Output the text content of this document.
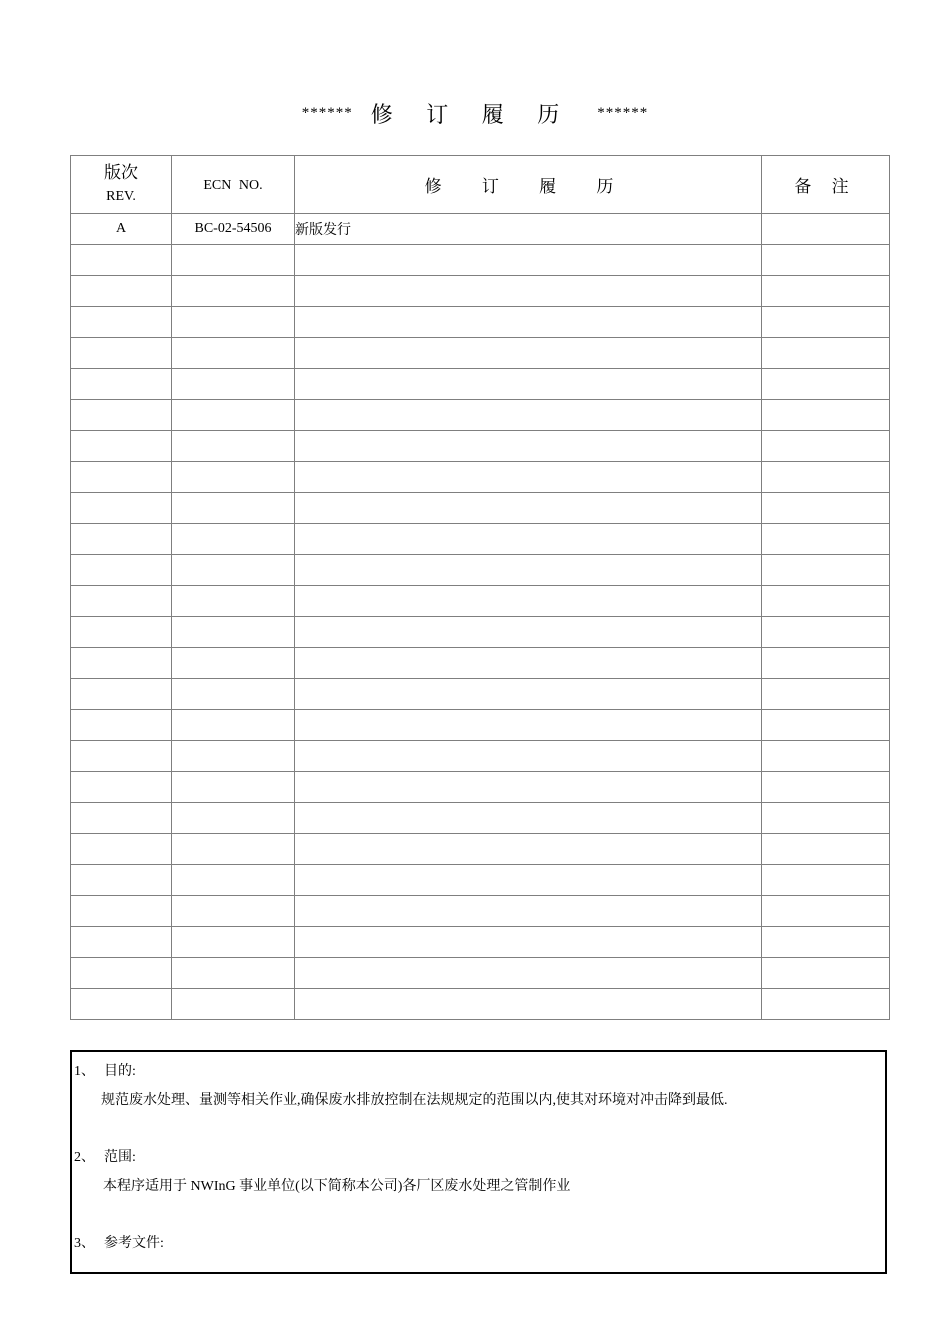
****** 修 订 履 历 ******
版次
REV.	ECN NO.	修 订 履 历	备 注
A	BC-02-54506	新版发行	

1、 目的:
规范废水处理、量测等相关作业,确保废水排放控制在法规规定的范围以内,使其对环境对冲击降到最低.
2、 范围:
本程序适用于 NWInG 事业单位(以下简称本公司)各厂区废水处理之管制作业
3、 参考文件:
